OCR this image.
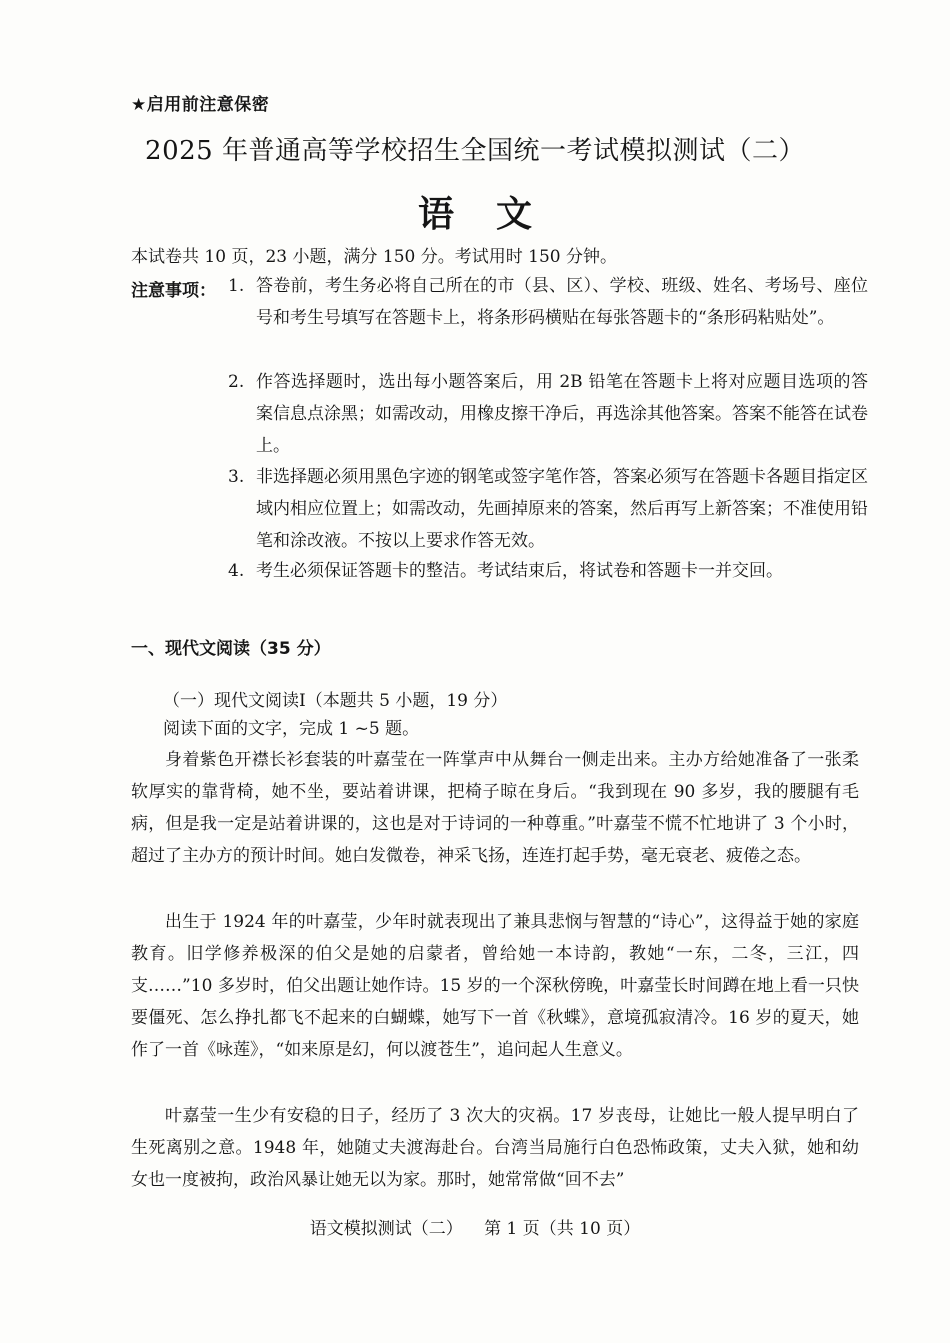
★启用前注意保密
2025 年普通高等学校招生全国统一考试模拟测试（二）
语文
本试卷共 10 页，23 小题，满分 150 分。考试用时 150 分钟。
注意事项： 1. 答卷前，考生务必将自己所在的市（县、区）、学校、班级、姓名、考场号、座位号和考生号填写在答题卡上，将条形码横贴在每张答题卡的“条形码粘贴处”。
2. 作答选择题时，选出每小题答案后，用 2B 铅笔在答题卡上将对应题目选项的答案信息点涂黑；如需改动，用橡皮擦干净后，再选涂其他答案。答案不能答在试卷上。
3. 非选择题必须用黑色字迹的钢笔或签字笔作答，答案必须写在答题卡各题目指定区域内相应位置上；如需改动，先画掉原来的答案，然后再写上新答案；不准使用铅笔和涂改液。不按以上要求作答无效。
4. 考生必须保证答题卡的整洁。考试结束后，将试卷和答题卡一并交回。
一、现代文阅读（35 分）
（一）现代文阅读Ⅰ（本题共 5 小题，19 分）
阅读下面的文字，完成 1 ~5 题。

身着紫色开襟长衫套装的叶嘉莹在一阵掌声中从舞台一侧走出来。主办方给她准备了一张柔软厚实的靠背椅，她不坐，要站着讲课，把椅子晾在身后。“我到现在 90 多岁，我的腰腿有毛病，但是我一定是站着讲课的，这也是对于诗词的一种尊重。”叶嘉莹不慌不忙地讲了 3 个小时，超过了主办方的预计时间。她白发微卷，神采飞扬，连连打起手势，毫无衰老、疲倦之态。

出生于 1924 年的叶嘉莹，少年时就表现出了兼具悲悯与智慧的“诗心”，这得益于她的家庭教育。旧学修养极深的伯父是她的启蒙者，曾给她一本诗韵，教她“一东，二冬，三江，四支……”10 多岁时，伯父出题让她作诗。15 岁的一个深秋傍晚，叶嘉莹长时间蹲在地上看一只快要僵死、怎么挣扎都飞不起来的白蝴蝶，她写下一首《秋蝶》，意境孤寂清冷。16 岁的夏天，她作了一首《咏莲》，“如来原是幻，何以渡苍生”，追问起人生意义。

叶嘉莹一生少有安稳的日子，经历了 3 次大的灾祸。17 岁丧母，让她比一般人提早明白了生死离别之意。1948 年，她随丈夫渡海赴台。台湾当局施行白色恐怖政策，丈夫入狱，她和幼女也一度被拘，政治风暴让她无以为家。那时，她常常做“回不去”

语文模拟测试（二） 第 1 页（共 10 页）
